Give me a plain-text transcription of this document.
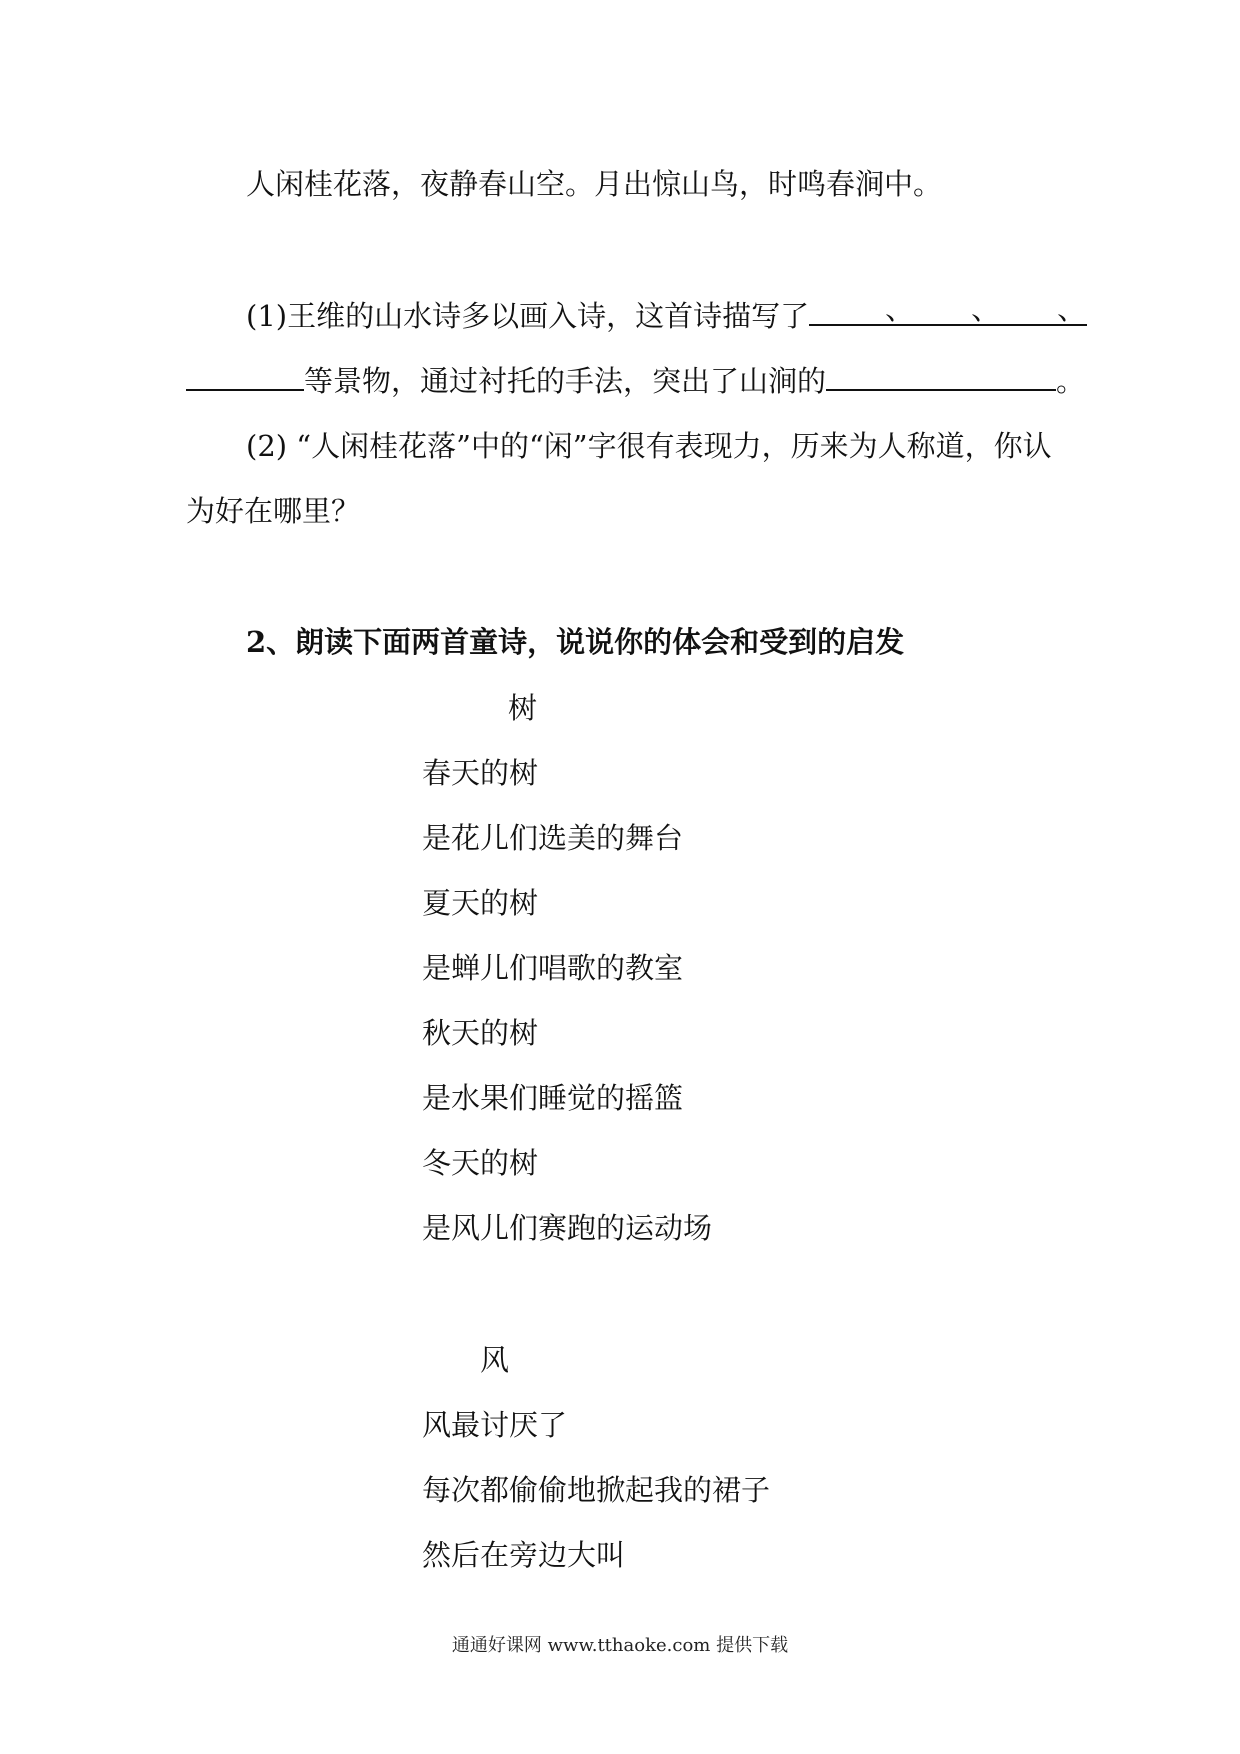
人闲桂花落，夜静春山空。月出惊山鸟，时鸣春涧中。
(1)王维的山水诗多以画入诗，这首诗描写了	、 、 、
等景物，通过衬托的手法，突出了山涧的	。
(2) “人闲桂花落”中的“闲”字很有表现力，历来为人称道，你认
为好在哪里？
2、朗读下面两首童诗，说说你的体会和受到的启发
树
春天的树
是花儿们选美的舞台
夏天的树
是蝉儿们唱歌的教室
秋天的树
是水果们睡觉的摇篮
冬天的树
是风儿们赛跑的运动场
风
风最讨厌了
每次都偷偷地掀起我的裙子
然后在旁边大叫
通通好课网 www.tthaoke.com 提供下载
